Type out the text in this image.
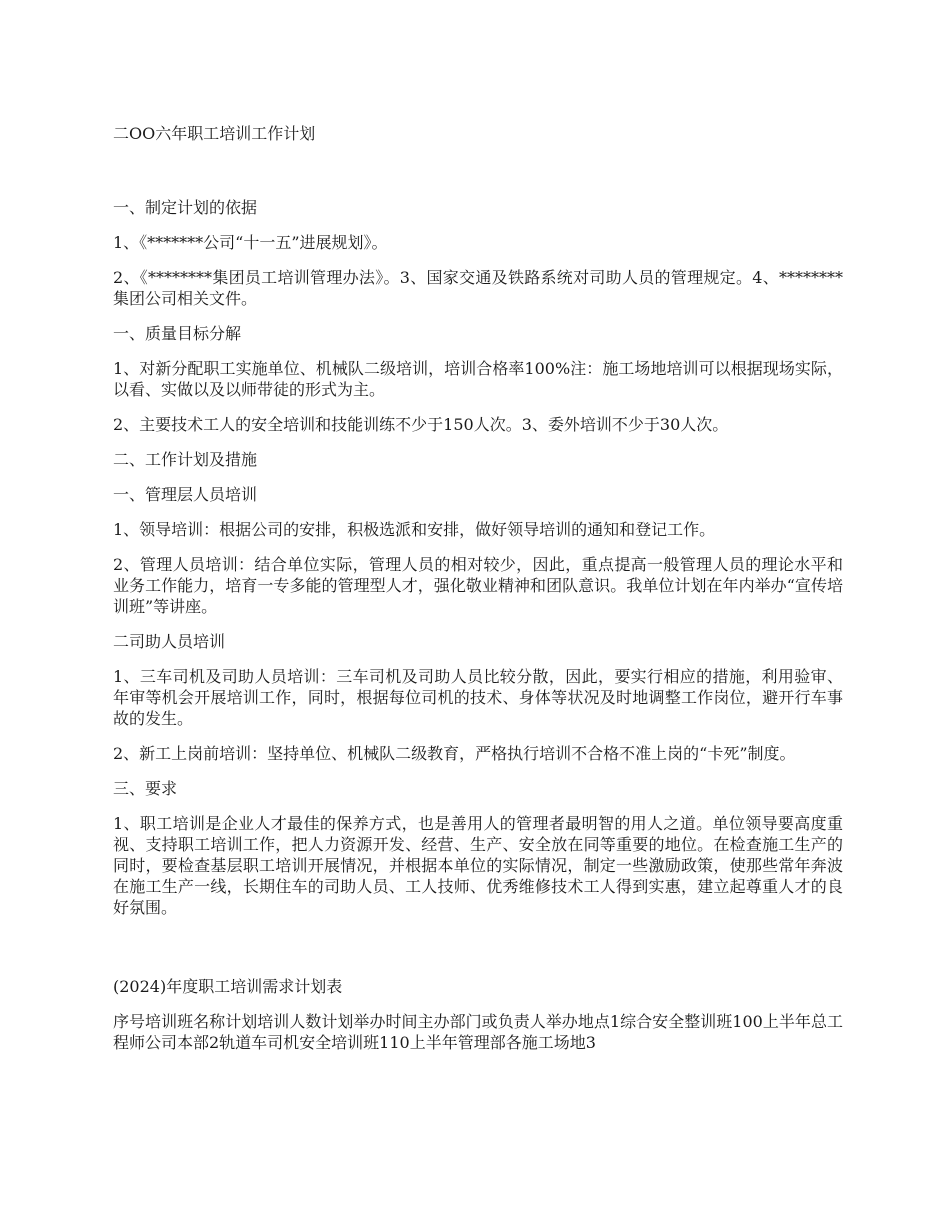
二OO六年职工培训工作计划

一、制定计划的依据

1、《*******公司“十一五”进展规划》。

2、《********集团员工培训管理办法》。3、国家交通及铁路系统对司助人员的管理规定。4、********集团公司相关文件。

一、质量目标分解

1、对新分配职工实施单位、机械队二级培训，培训合格率100%注：施工场地培训可以根据现场实际，以看、实做以及以师带徒的形式为主。

2、主要技术工人的安全培训和技能训练不少于150人次。3、委外培训不少于30人次。

二、工作计划及措施

一、管理层人员培训

1、领导培训：根据公司的安排，积极选派和安排，做好领导培训的通知和登记工作。

2、管理人员培训：结合单位实际，管理人员的相对较少，因此，重点提高一般管理人员的理论水平和业务工作能力，培育一专多能的管理型人才，强化敬业精神和团队意识。我单位计划在年内举办“宣传培训班”等讲座。

二司助人员培训

1、三车司机及司助人员培训：三车司机及司助人员比较分散，因此，要实行相应的措施，利用验审、年审等机会开展培训工作，同时，根据每位司机的技术、身体等状况及时地调整工作岗位，避开行车事故的发生。

2、新工上岗前培训：坚持单位、机械队二级教育，严格执行培训不合格不准上岗的“卡死”制度。

三、要求

1、职工培训是企业人才最佳的保养方式，也是善用人的管理者最明智的用人之道。单位领导要高度重视、支持职工培训工作，把人力资源开发、经营、生产、安全放在同等重要的地位。在检查施工生产的同时，要检查基层职工培训开展情况，并根据本单位的实际情况，制定一些激励政策，使那些常年奔波在施工生产一线，长期住车的司助人员、工人技师、优秀维修技术工人得到实惠，建立起尊重人才的良好氛围。

(2024)年度职工培训需求计划表

序号培训班名称计划培训人数计划举办时间主办部门或负责人举办地点1综合安全整训班100上半年总工程师公司本部2轨道车司机安全培训班110上半年管理部各施工场地3
